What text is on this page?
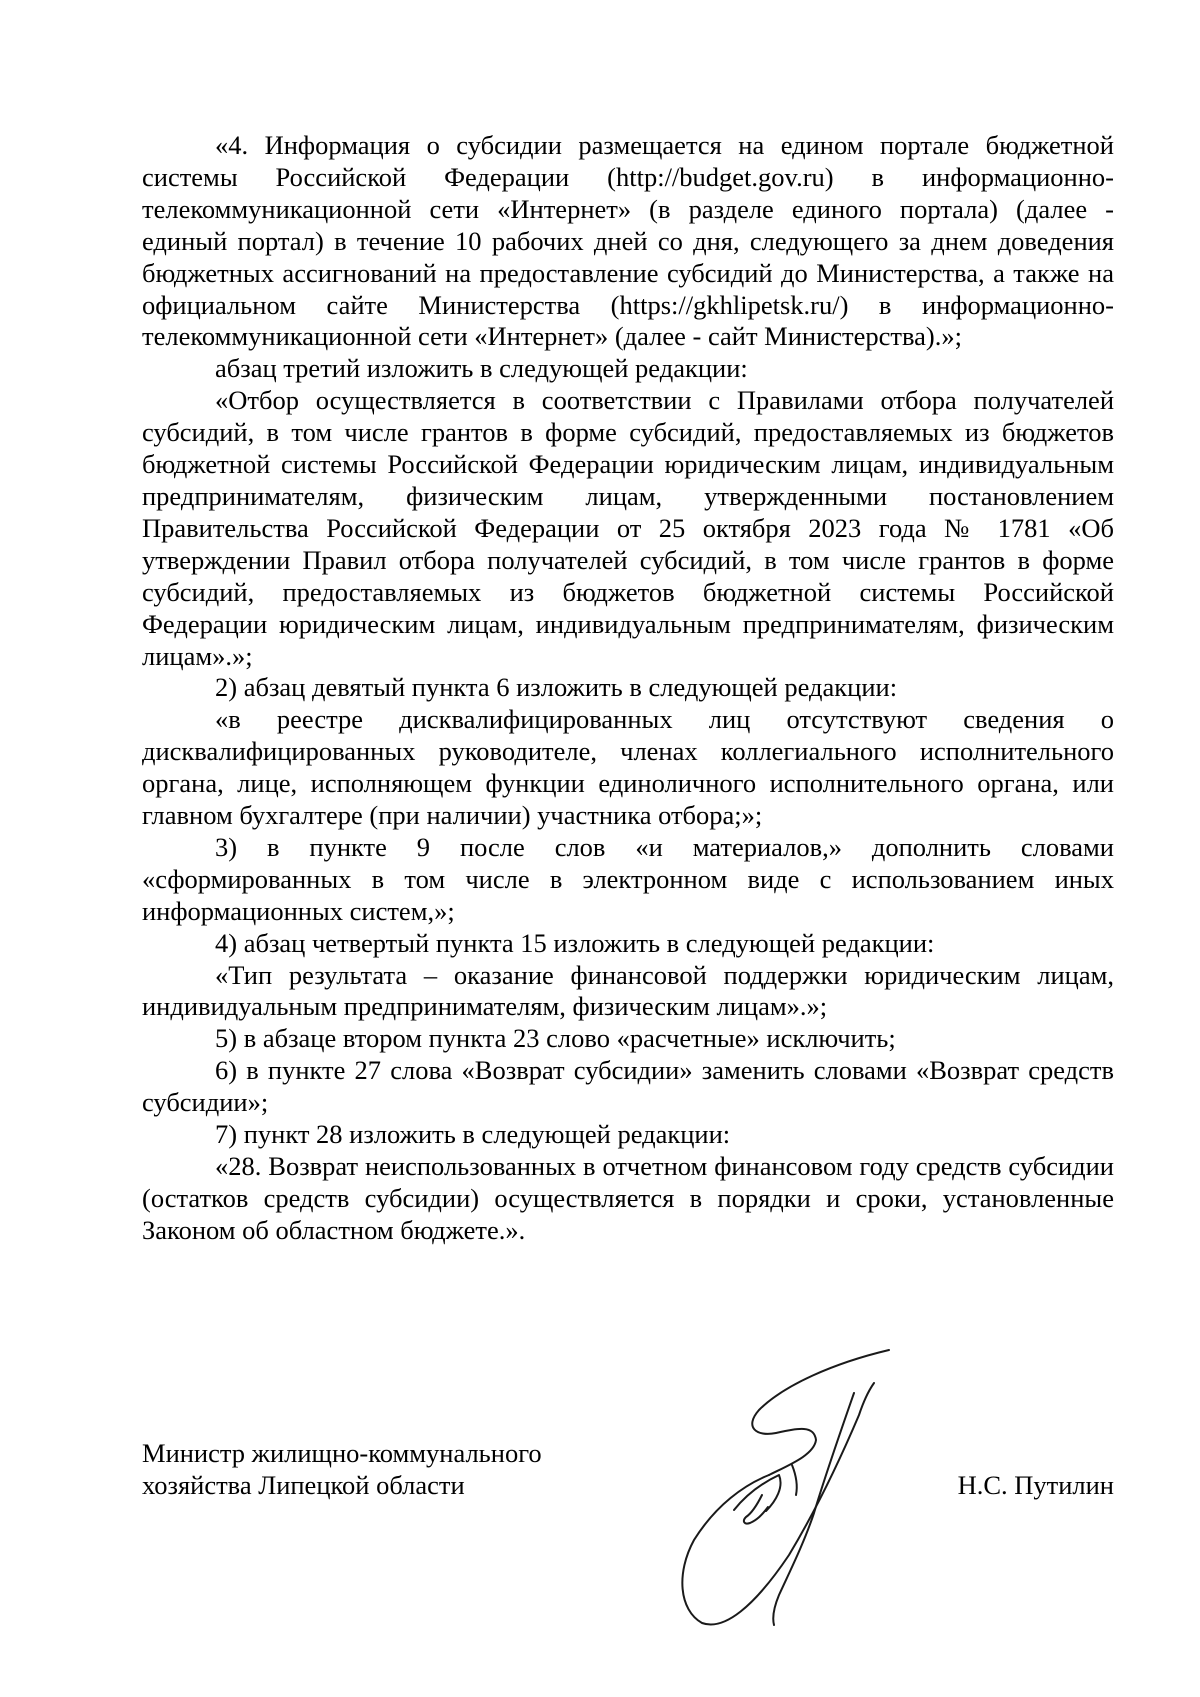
«4. Информация о субсидии размещается на едином портале бюджетной системы Российской Федерации (http://budget.gov.ru) в информационно-телекоммуникационной сети «Интернет» (в разделе единого портала) (далее - единый портал) в течение 10 рабочих дней со дня, следующего за днем доведения бюджетных ассигнований на предоставление субсидий до Министерства, а также на официальном сайте Министерства (https://gkhlipetsk.ru/) в информационно-телекоммуникационной сети «Интернет» (далее - сайт Министерства).»;

абзац третий изложить в следующей редакции:

«Отбор осуществляется в соответствии с Правилами отбора получателей субсидий, в том числе грантов в форме субсидий, предоставляемых из бюджетов бюджетной системы Российской Федерации юридическим лицам, индивидуальным предпринимателям, физическим лицам, утвержденными постановлением Правительства Российской Федерации от 25 октября 2023 года № 1781 «Об утверждении Правил отбора получателей субсидий, в том числе грантов в форме субсидий, предоставляемых из бюджетов бюджетной системы Российской Федерации юридическим лицам, индивидуальным предпринимателям, физическим лицам».»;

2) абзац девятый пункта 6 изложить в следующей редакции:

«в реестре дисквалифицированных лиц отсутствуют сведения о дисквалифицированных руководителе, членах коллегиального исполнительного органа, лице, исполняющем функции единоличного исполнительного органа, или главном бухгалтере (при наличии) участника отбора;»;

3) в пункте 9 после слов «и материалов,» дополнить словами «сформированных в том числе в электронном виде с использованием иных информационных систем,»;

4) абзац четвертый пункта 15 изложить в следующей редакции:

«Тип результата – оказание финансовой поддержки юридическим лицам, индивидуальным предпринимателям, физическим лицам».»;

5) в абзаце втором пункта 23 слово «расчетные» исключить;

6) в пункте 27 слова «Возврат субсидии» заменить словами «Возврат средств субсидии»;

7) пункт 28 изложить в следующей редакции:

«28. Возврат неиспользованных в отчетном финансовом году средств субсидии (остатков средств субсидии) осуществляется в порядки и сроки, установленные Законом об областном бюджете.».

Министр жилищно-коммунального

хозяйства Липецкой области	Н.С. Путилин
